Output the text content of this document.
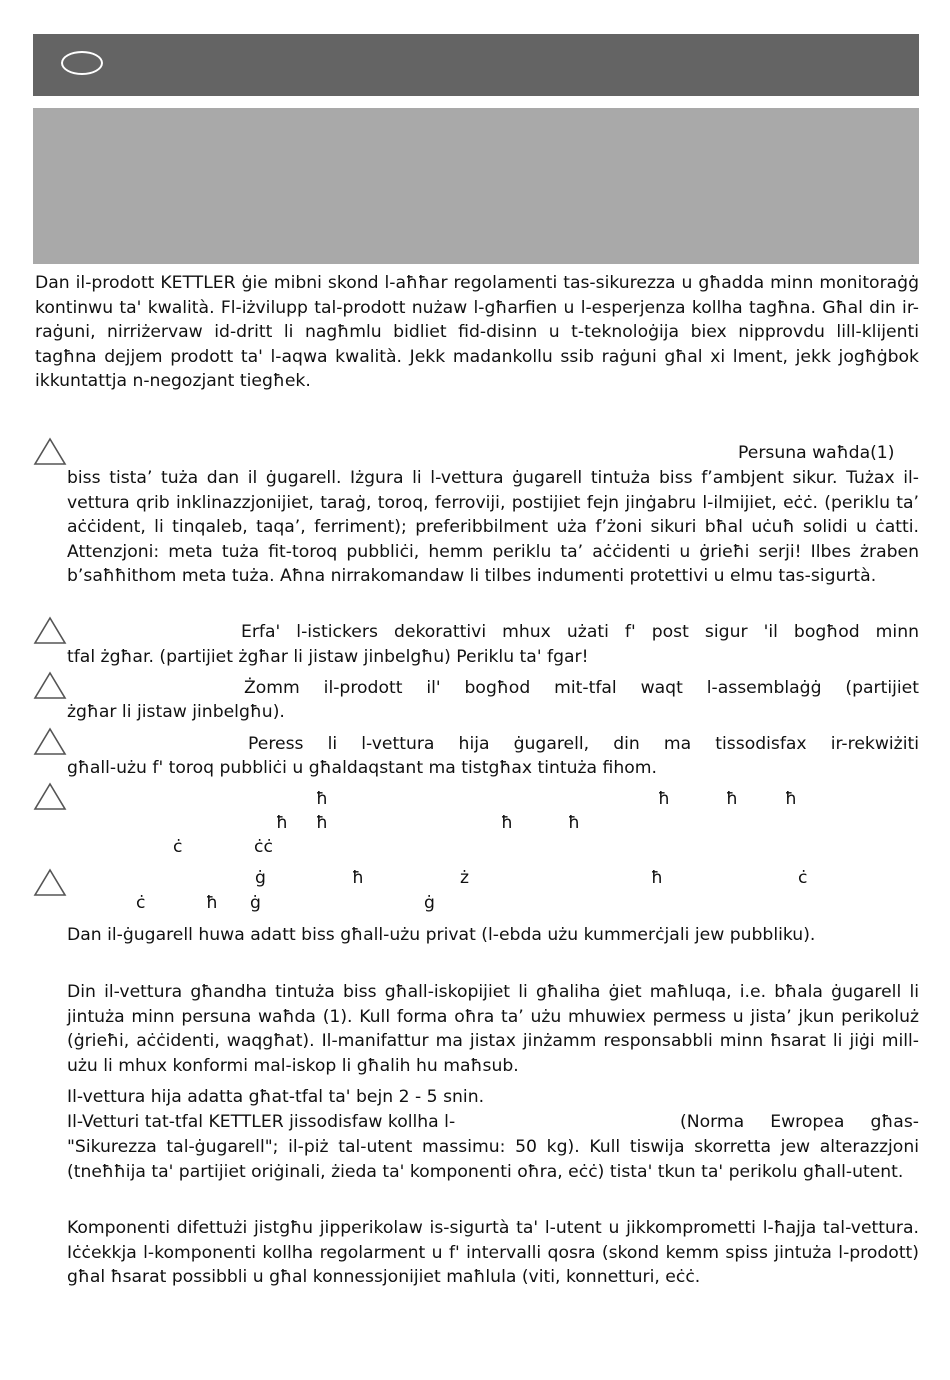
Dan il-prodott KETTLER ġie mibni skond l-aħħar regolamenti tas-sikurezza u għadda minn monitoraġġ kontinwu ta' kwalità. Fl-iżvilupp tal-prodott nużaw l-għarfien u l-esperjenza kollha tagħna. Għal din ir-raġuni, nirriżervaw id-dritt li nagħmlu bidliet fid-disinn u t-teknoloġija biex nipprovdu lill-klijenti tagħna dejjem prodott ta' l-aqwa kwalità. Jekk madankollu ssib raġuni għal xi lment, jekk jogħġbok ikkuntattja n-negozjant tiegħek.

Persuna waħda(1)

biss tista’ tuża dan il ġugarell. Iżgura li l-vettura ġugarell tintuża biss f’ambjent sikur. Tużax il-vettura qrib inklinazzjonijiet, taraġ, toroq, ferroviji, postijiet fejn jinġabru l-ilmijiet, eċċ. (periklu ta’ aċċident, li tinqaleb, taqa’, ferriment); preferibbilment uża f’żoni sikuri bħal uċuħ solidi u ċatti. Attenzjoni: meta tuża fit-toroq pubbliċi, hemm periklu ta’ aċċidenti u ġrieħi serji! Ilbes żraben b’saħħithom meta tuża. Aħna nirrakomandaw li tilbes indumenti protettivi u elmu tas-sigurtà.

Erfa' l-istickers dekorattivi mhux użati f' post sigur 'il bogħod minn

tfal żgħar. (partijiet żgħar li jistaw jinbelgħu) Periklu ta' fgar!

Żomm il-prodott il' bogħod mit-tfal waqt l-assemblaġġ (partijiet

żgħar li jistaw jinbelgħu).

Peress li l-vettura hija ġugarell, din ma tissodisfax ir-rekwiżiti

għall-użu f' toroq pubbliċi u għaldaqstant ma tistgħax tintuża fihom.

ħ	ħ	ħ	ħ
ħ ħ	ħ	ħ
ċ	ċċ
ġ	ħ	ż	ħ	ċ
ċ	ħ ġ	ġ

Dan il-ġugarell huwa adatt biss għall-użu privat (l-ebda użu kummerċjali jew pubbliku).

Din il-vettura għandha tintuża biss għall-iskopijiet li għaliha ġiet maħluqa, i.e. bħala ġugarell li jintuża minn persuna waħda (1). Kull forma oħra ta’ użu mhuwiex permess u jista’ jkun perikoluż (ġrieħi, aċċidenti, waqgħat). Il-manifattur ma jistax jinżamm responsabbli minn ħsarat li jiġi mill-użu li mhux konformi mal-iskop li għalih hu maħsub.

Il-vettura hija adatta għat-tfal ta' bejn 2 - 5 snin.

Il-Vetturi tat-tfal KETTLER jissodisfaw kollha l-	(Norma Ewropea għas-

"Sikurezza tal-ġugarell"; il-piż tal-utent massimu: 50 kg). Kull tiswija skorretta jew alterazzjoni (tneħħija ta' partijiet oriġinali, żieda ta' komponenti oħra, eċċ) tista' tkun ta' perikolu għall-utent.

Komponenti difettużi jistgħu jipperikolaw is-sigurtà ta' l-utent u jikkomprometti l-ħajja tal-vettura. Iċċekkja l-komponenti kollha regolarment u f' intervalli qosra (skond kemm spiss jintuża l-prodott) għal ħsarat possibbli u għal konnessjonijiet maħlula (viti, konnetturi, eċċ.
